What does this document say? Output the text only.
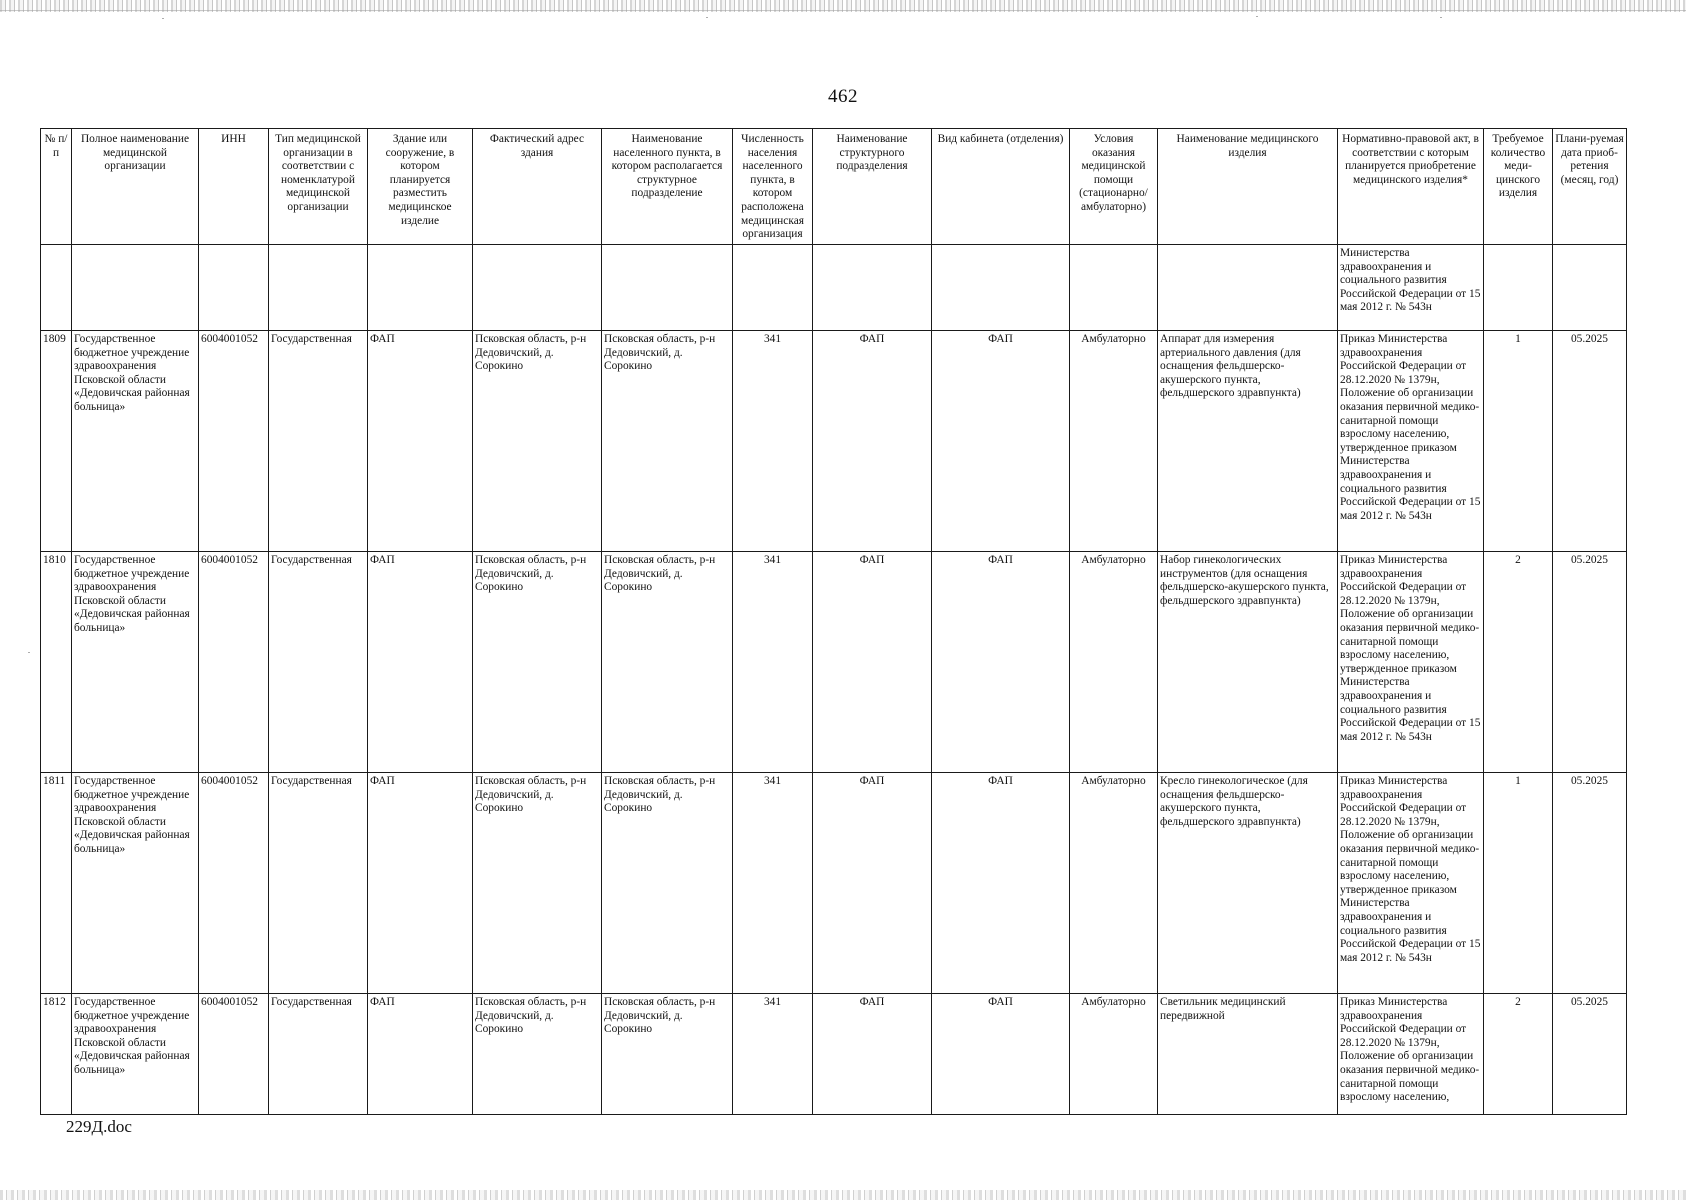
462
№ п/п	Полное наименование медицинской организации	ИНН	Тип медицинской организации в соответствии с номенклатурой медицинской организации	Здание или сооружение, в котором планируется разместить медицинское изделие	Фактический адрес здания	Наименование населенного пункта, в котором располагается структурное подразделение	Численность населения населенного пункта, в котором расположена медицинская организация	Наименование структурного подразделения	Вид кабинета (отделения)	Условия оказания медицинской помощи (стационарно/ амбулаторно)	Наименование медицинского изделия	Нормативно-правовой акт, в соответствии с которым планируется приобретение медицинского изделия*	Требуемое количество меди-цинского изделия	Плани-руемая дата приоб-ретения (месяц, год)
												Министерства здравоохранения и социального развития Российской Федерации от 15 мая 2012 г. № 543н		
1809	Государственное бюджетное учреждение здравоохранения Псковской области «Дедовичская районная больница»	6004001052	Государственная	ФАП	Псковская область, р-н Дедовичский, д. Сорокино	Псковская область, р-н Дедовичский, д. Сорокино	341	ФАП	ФАП	Амбулаторно	Аппарат для измерения артериального давления (для оснащения фельдшерско-акушерского пункта, фельдшерского здравпункта)	Приказ Министерства здравоохранения Российской Федерации от 28.12.2020 № 1379н, Положение об организации оказания первичной медико-санитарной помощи взрослому населению, утвержденное приказом Министерства здравоохранения и социального развития Российской Федерации от 15 мая 2012 г. № 543н	1	05.2025
1810	Государственное бюджетное учреждение здравоохранения Псковской области «Дедовичская районная больница»	6004001052	Государственная	ФАП	Псковская область, р-н Дедовичский, д. Сорокино	Псковская область, р-н Дедовичский, д. Сорокино	341	ФАП	ФАП	Амбулаторно	Набор гинекологических инструментов (для оснащения фельдшерско-акушерского пункта, фельдшерского здравпункта)	Приказ Министерства здравоохранения Российской Федерации от 28.12.2020 № 1379н, Положение об организации оказания первичной медико-санитарной помощи взрослому населению, утвержденное приказом Министерства здравоохранения и социального развития Российской Федерации от 15 мая 2012 г. № 543н	2	05.2025
1811	Государственное бюджетное учреждение здравоохранения Псковской области «Дедовичская районная больница»	6004001052	Государственная	ФАП	Псковская область, р-н Дедовичский, д. Сорокино	Псковская область, р-н Дедовичский, д. Сорокино	341	ФАП	ФАП	Амбулаторно	Кресло гинекологическое (для оснащения фельдшерско-акушерского пункта, фельдшерского здравпункта)	Приказ Министерства здравоохранения Российской Федерации от 28.12.2020 № 1379н, Положение об организации оказания первичной медико-санитарной помощи взрослому населению, утвержденное приказом Министерства здравоохранения и социального развития Российской Федерации от 15 мая 2012 г. № 543н	1	05.2025
1812	Государственное бюджетное учреждение здравоохранения Псковской области «Дедовичская районная больница»	6004001052	Государственная	ФАП	Псковская область, р-н Дедовичский, д. Сорокино	Псковская область, р-н Дедовичский, д. Сорокино	341	ФАП	ФАП	Амбулаторно	Светильник медицинский передвижной	Приказ Министерства здравоохранения Российской Федерации от 28.12.2020 № 1379н, Положение об организации оказания первичной медико-санитарной помощи взрослому населению,	2	05.2025
229Д.doc
